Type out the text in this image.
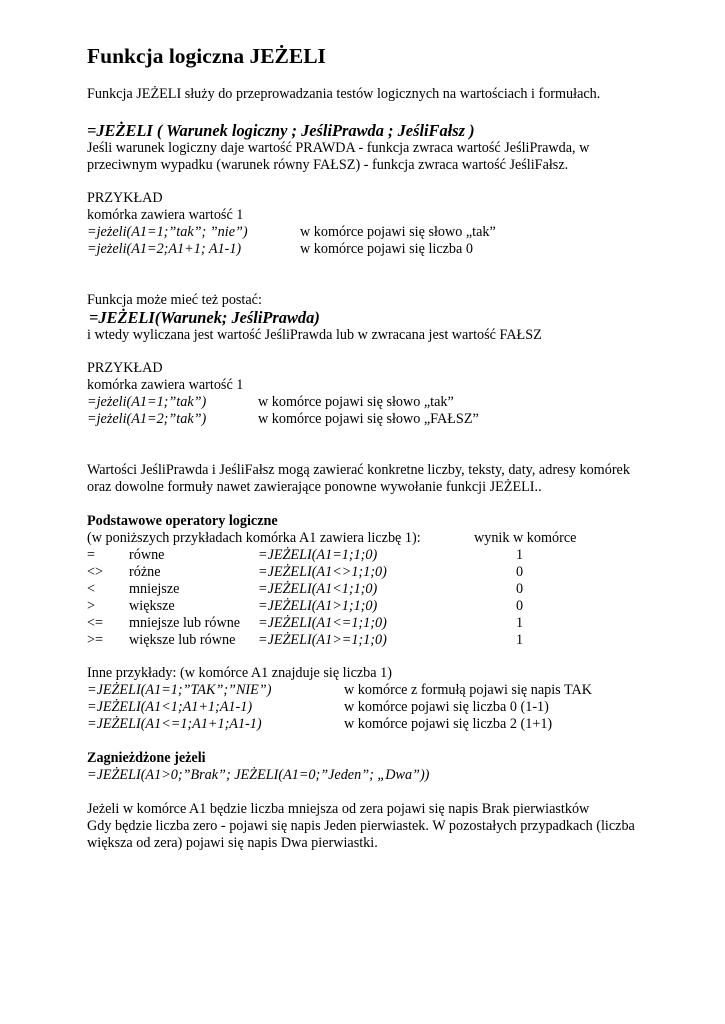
Funkcja logiczna JEŻELI
Funkcja JEŻELI służy do przeprowadzania testów logicznych na wartościach i formułach.
=JEŻELI ( Warunek logiczny ; JeśliPrawda ; JeśliFałsz )
Jeśli warunek logiczny daje wartość PRAWDA - funkcja zwraca wartość JeśliPrawda, w
przeciwnym wypadku (warunek równy FAŁSZ) - funkcja zwraca wartość JeśliFałsz.
PRZYKŁAD
komórka zawiera wartość 1
=jeżeli(A1=1;”tak”; ”nie”)	w komórce pojawi się słowo „tak”
=jeżeli(A1=2;A1+1; A1-1)	w komórce pojawi się liczba 0
Funkcja może mieć też postać:
=JEŻELI(Warunek; JeśliPrawda)
i wtedy wyliczana jest wartość JeśliPrawda lub w zwracana jest wartość FAŁSZ
PRZYKŁAD
komórka zawiera wartość 1
=jeżeli(A1=1;”tak”)	w komórce pojawi się słowo „tak”
=jeżeli(A1=2;”tak”)	w komórce pojawi się słowo „FAŁSZ”
Wartości JeśliPrawda i JeśliFałsz mogą zawierać konkretne liczby, teksty, daty, adresy komórek
oraz dowolne formuły nawet zawierające ponowne wywołanie funkcji JEŻELI..
Podstawowe operatory logiczne
(w poniższych przykładach komórka A1 zawiera liczbę 1):	wynik w komórce
= równe	=JEŻELI(A1=1;1;0)	1
<> różne	=JEŻELI(A1<>1;1;0)	0
< mniejsze	=JEŻELI(A1<1;1;0)	0
> większe	=JEŻELI(A1>1;1;0)	0
<= mniejsze lub równe =JEŻELI(A1<=1;1;0)	1
>= większe lub równe =JEŻELI(A1>=1;1;0)	1
Inne przykłady: (w komórce A1 znajduje się liczba 1)
=JEŻELI(A1=1;”TAK”;”NIE”)	w komórce z formułą pojawi się napis TAK
=JEŻELI(A1<1;A1+1;A1-1)	w komórce pojawi się liczba 0 (1-1)
=JEŻELI(A1<=1;A1+1;A1-1)	w komórce pojawi się liczba 2 (1+1)
Zagnieżdżone jeżeli
=JEŻELI(A1>0;”Brak”; JEŻELI(A1=0;”Jeden”; „Dwa”))
Jeżeli w komórce A1 będzie liczba mniejsza od zera pojawi się napis Brak pierwiastków
Gdy będzie liczba zero - pojawi się napis Jeden pierwiastek. W pozostałych przypadkach (liczba
większa od zera) pojawi się napis Dwa pierwiastki.
